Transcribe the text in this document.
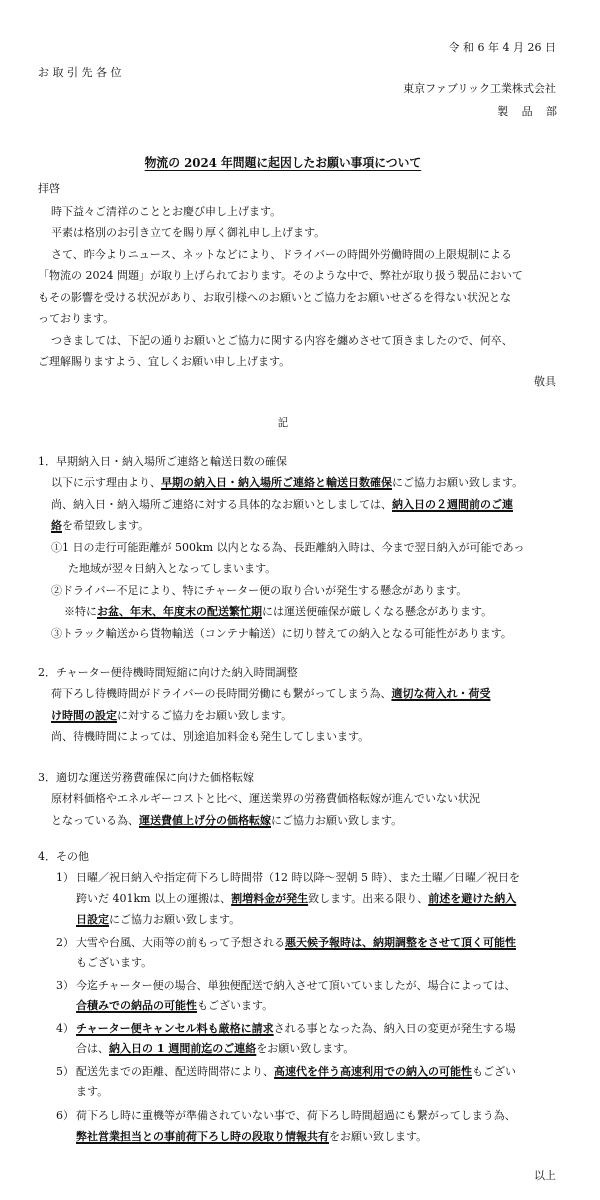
令 和 6 年 4 月 26 日
お 取 引 先 各 位
東京ファブリック工業株式会社
製 品 部
物流の 2024 年問題に起因したお願い事項について
拝啓
時下益々ご清祥のこととお慶び申し上げます。
平素は格別のお引き立てを賜り厚く御礼申し上げます。
さて、昨今よりニュース、ネットなどにより、ドライバーの時間外労働時間の上限規制による
「物流の 2024 問題」が取り上げられております。そのような中で、弊社が取り扱う製品において
もその影響を受ける状況があり、お取引様へのお願いとご協力をお願いせざるを得ない状況とな
っております。
つきましては、下記の通りお願いとご協力に関する内容を纏めさせて頂きましたので、何卒、
ご理解賜りますよう、宜しくお願い申し上げます。
敬具
記
1．早期納入日・納入場所ご連絡と輸送日数の確保
以下に示す理由より、早期の納入日・納入場所ご連絡と輸送日数確保にご協力お願い致します。
尚、納入日・納入場所ご連絡に対する具体的なお願いとしましては、納入日の２週間前のご連
絡を希望致します。
①1 日の走行可能距離が 500km 以内となる為、長距離納入時は、今まで翌日納入が可能であっ
た地域が翌々日納入となってしまいます。
②ドライバー不足により、特にチャーター便の取り合いが発生する懸念があります。
※特にお盆、年末、年度末の配送繁忙期には運送便確保が厳しくなる懸念があります。
③トラック輸送から貨物輸送（コンテナ輸送）に切り替えての納入となる可能性があります。
2．チャーター便待機時間短縮に向けた納入時間調整
荷下ろし待機時間がドライバーの長時間労働にも繋がってしまう為、適切な荷入れ・荷受
け時間の設定に対するご協力をお願い致します。
尚、待機時間によっては、別途追加料金も発生してしまいます。
3．適切な運送労務費確保に向けた価格転嫁
原材料価格やエネルギーコストと比べ、運送業界の労務費価格転嫁が進んでいない状況
となっている為、運送費値上げ分の価格転嫁にご協力お願い致します。
4．その他
1） 日曜／祝日納入や指定荷下ろし時間帯（12 時以降～翌朝 5 時）、また土曜／日曜／祝日を
跨いだ 401km 以上の運搬は、割増料金が発生致します。出来る限り、前述を避けた納入
日設定にご協力お願い致します。
2） 大雪や台風、大雨等の前もって予想される悪天候予報時は、納期調整をさせて頂く可能性
もございます。
3） 今迄チャーター便の場合、単独便配送で納入させて頂いていましたが、場合によっては、
合積みでの納品の可能性もございます。
4） チャーター便キャンセル料も厳格に請求される事となった為、納入日の変更が発生する場
合は、納入日の 1 週間前迄のご連絡をお願い致します。
5） 配送先までの距離、配送時間帯により、高速代を伴う高速利用での納入の可能性もござい
ます。
6） 荷下ろし時に重機等が準備されていない事で、荷下ろし時間超過にも繋がってしまう為、
弊社営業担当との事前荷下ろし時の段取り情報共有をお願い致します。
以上
